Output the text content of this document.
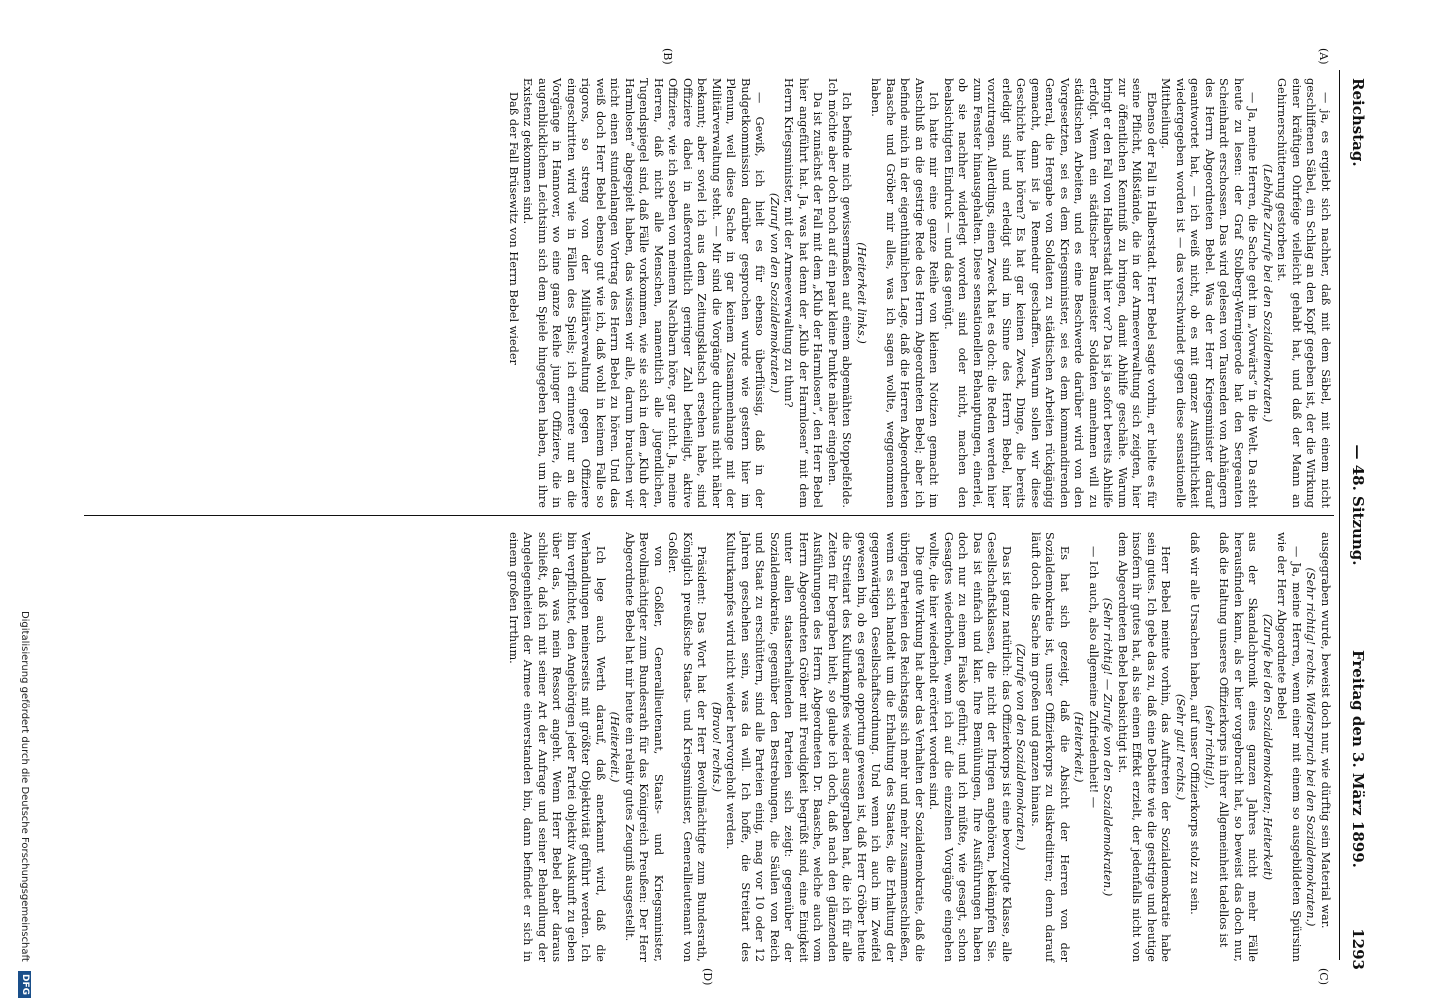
Reichstag.
— 48. Sitzung.
Freitag den 3. März 1899.
1293
(A)
(B)
(C)
(D)

— ja, es ergiebt sich nachher, daß mit dem Säbel, mit einem nicht geschliffenen Säbel, ein Schlag an den Kopf gegeben ist, der die Wirkung einer kräftigen Ohrfeige vielleicht gehabt hat, und daß der Mann an Gehirnerschütterung gestorben ist.

(Lebhafte Zurufe bei den Sozialdemokraten.)

— Ja, meine Herren, die Sache geht im „Vorwärts“ in die Welt. Da steht heute zu lesen: der Graf Stolberg-Wernigerode hat den Sergeanten Scheinhardt erschossen. Das wird gelesen von Tausenden von Anhängern des Herrn Abgeordneten Bebel. Was der Herr Kriegsminister darauf geantwortet hat, — ich weiß nicht, ob es mit ganzer Ausführlichkeit wiedergegeben worden ist — das verschwindet gegen diese sensationelle Mittheilung.

Ebenso der Fall in Halberstadt. Herr Bebel sagte vorhin, er hielte es für seine Pflicht, Mißstände, die in der Armeeverwaltung sich zeigten, hier zur öffentlichen Kenntniß zu bringen, damit Abhilfe geschähe. Warum bringt er den Fall von Halberstadt hier vor? Da ist ja sofort bereits Abhilfe erfolgt. Wenn ein städtischer Baumeister Soldaten annehmen will zu städtischen Arbeiten, und es eine Beschwerde darüber wird von den Vorgesetzten, sei es dem Kriegsminister, sei es dem kommandirenden General, die Hergabe von Soldaten zu städtischen Arbeiten rückgängig gemacht, dann ist ja Remedur geschaffen. Warum sollen wir diese Geschichte hier hören? Es hat gar keinen Zweck, Dinge, die bereits erledigt sind und erledigt sind im Sinne des Herrn Bebel, hier vorzutragen. Allerdings, einen Zweck hat es doch: die Reden werden hier zum Fenster hinausgehalten. Diese sensationellen Behauptungen, einerlei, ob sie nachher widerlegt worden sind oder nicht, machen den beabsichtigten Eindruck — und das genügt.

Ich hatte mir eine ganze Reihe von kleinen Notizen gemacht im Anschluß an die gestrige Rede des Herrn Abgeordneten Bebel; aber ich befinde mich in der eigenthümlichen Lage, daß die Herren Abgeordneten Baasche und Gröber mir alles, was ich sagen wollte, weggenommen haben.

(Heiterkeit links.)

Ich befinde mich gewissermaßen auf einem abgemähten Stoppelfelde. Ich möchte aber doch noch auf ein paar kleine Punkte näher eingehen.

Da ist zunächst der Fall mit dem „Klub der Harmlosen“, den Herr Bebel hier angeführt hat. Ja, was hat denn der „Klub der Harmlosen“ mit dem Herrn Kriegsminister, mit der Armeeverwaltung zu thun?

(Zuruf von den Sozialdemokraten.)

— Gewiß, ich hielt es für ebenso überflüssig, daß in der Budgetkommission darüber gesprochen wurde wie gestern hier im Plenum, weil diese Sache in gar keinem Zusammenhange mit der Militärverwaltung steht. — Mir sind die Vorgänge durchaus nicht näher bekannt; aber soviel ich aus dem Zeitungsklatsch ersehen habe, sind Offiziere dabei in außerordentlich geringer Zahl betheiligt, aktive Offiziere, wie ich soeben von meinem Nachbarn höre, gar nicht. Ja, meine Herren, daß nicht alle Menschen, namentlich alle jugendlichen, Tugendspiegel sind, daß Fälle vorkommen, wie sie sich in dem „Klub der Harmlosen“ abgespielt haben, das wissen wir alle, darum brauchen wir nicht einen stundenlangen Vortrag des Herrn Bebel zu hören. Und das weiß doch Herr Bebel ebenso gut wie ich, daß wohl in keinem Falle so rigoros, so streng von der Militärverwaltung gegen Offiziere eingeschritten wird wie in Fällen des Spiels; ich erinnere nur an die Vorgänge in Hannover, wo eine ganze Reihe junger Offiziere, die in augenblicklichem Leichtsinn sich dem Spiele hingegeben haben, um ihre Existenz gekommen sind.

Daß der Fall Brüsewitz von Herrn Bebel wieder

ausgegraben wurde, beweist doch nur, wie dürftig sein Material war.

(Sehr richtig! rechts. Widerspruch bei den Sozialdemokraten.)

— Ja, meine Herren, wenn einer mit einem so ausgebildeten Spürsinn wie der Herr Abgeordnete Bebel

(Zurufe bei den Sozialdemokraten; Heiterkeit)

aus der Skandalchronik eines ganzen Jahres nicht mehr Fälle herausfinden kann, als er hier vorgebracht hat, so beweist das doch nur, daß die Haltung unseres Offizierkorps in ihrer Allgemeinheit tadellos ist

(sehr richtig!),

daß wir alle Ursachen haben, auf unser Offizierkorps stolz zu sein.

(Sehr gut! rechts.)

Herr Bebel meinte vorhin, das Auftreten der Sozialdemokratie habe sein gutes. Ich gebe das zu, daß eine Debatte wie die gestrige und heutige insofern ihr gutes hat, als sie einen Effekt erzielt, der jedenfalls nicht von dem Abgeordneten Bebel beabsichtigt ist.

(Sehr richtig! — Zurufe von den Sozialdemokraten.)

— Ich auch, also allgemeine Zufriedenheit! —

(Heiterkeit.)

Es hat sich gezeigt, daß die Absicht der Herren von der Sozialdemokratie ist, unser Offizierkorps zu diskreditiren; denn darauf läuft doch die Sache im großen und ganzen hinaus.

(Zurufe von den Sozialdemokraten.)

Das ist ganz natürlich: das Offizierkorps ist eine bevorzugte Klasse, alle Gesellschaftsklassen, die nicht der Ihrigen angehören, bekämpfen Sie. Das ist einfach und klar. Ihre Bemühungen, Ihre Ausführungen haben doch nur zu einem Fiasko geführt; und ich müßte, wie gesagt, schon Gesagtes wiederholen, wenn ich auf die einzelnen Vorgänge eingehen wollte, die hier wiederholt erörtert worden sind.

Die gute Wirkung hat aber das Verhalten der Sozialdemokratie, daß die übrigen Parteien des Reichstags sich mehr und mehr zusammenschließen, wenn es sich handelt um die Erhaltung des Staates, die Erhaltung der gegenwärtigen Gesellschaftsordnung. Und wenn ich auch im Zweifel gewesen bin, ob es gerade opportun gewesen ist, daß Herr Gröber heute die Streitart des Kulturkampfes wieder ausgegraben hat, die ich für alle Zeiten für begraben hielt, so glaube ich doch, daß nach den glänzenden Ausführungen des Herrn Abgeordneten Dr. Baasche, welche auch vom Herrn Abgeordneten Gröber mit Freudigkeit begrüßt sind, eine Einigkeit unter allen staatserhaltenden Parteien sich zeigt: gegenüber der Sozialdemokratie, gegenüber den Bestrebungen, die Säulen von Reich und Staat zu erschüttern, sind alle Parteien einig, mag vor 10 oder 12 Jahren geschehen sein, was da will. Ich hoffe, die Streitart des Kulturkampfes wird nicht wieder hervorgeholt werden.

(Bravo! rechts.)

Präsident: Das Wort hat der Herr Bevollmächtigte zum Bundesrath, Königlich preußische Staats- und Kriegsminister, Generallieutenant von Goßler.

von Goßler, Generallieutenant, Staats- und Kriegsminister, Bevollmächtigter zum Bundesrath für das Königreich Preußen: Der Herr Abgeordnete Bebel hat mir heute ein relativ gutes Zeugniß ausgestellt.

(Heiterkeit.)

Ich lege auch Werth darauf, daß anerkannt wird, daß die Verhandlungen meinerseits mit größter Objektivität geführt werden. Ich bin verpflichtet, den Angehörigen jeder Partei objektiv Auskunft zu geben über das, was mein Ressort angeht. Wenn Herr Bebel aber daraus schließt, daß ich mit seiner Art der Anfrage und seiner Behandlung der Angelegenheiten der Armee einverstanden bin, dann befindet er sich in einem großen Irrthum.

Digitalisierung gefördert durch die Deutsche Forschungsgemeinschaft DFG
